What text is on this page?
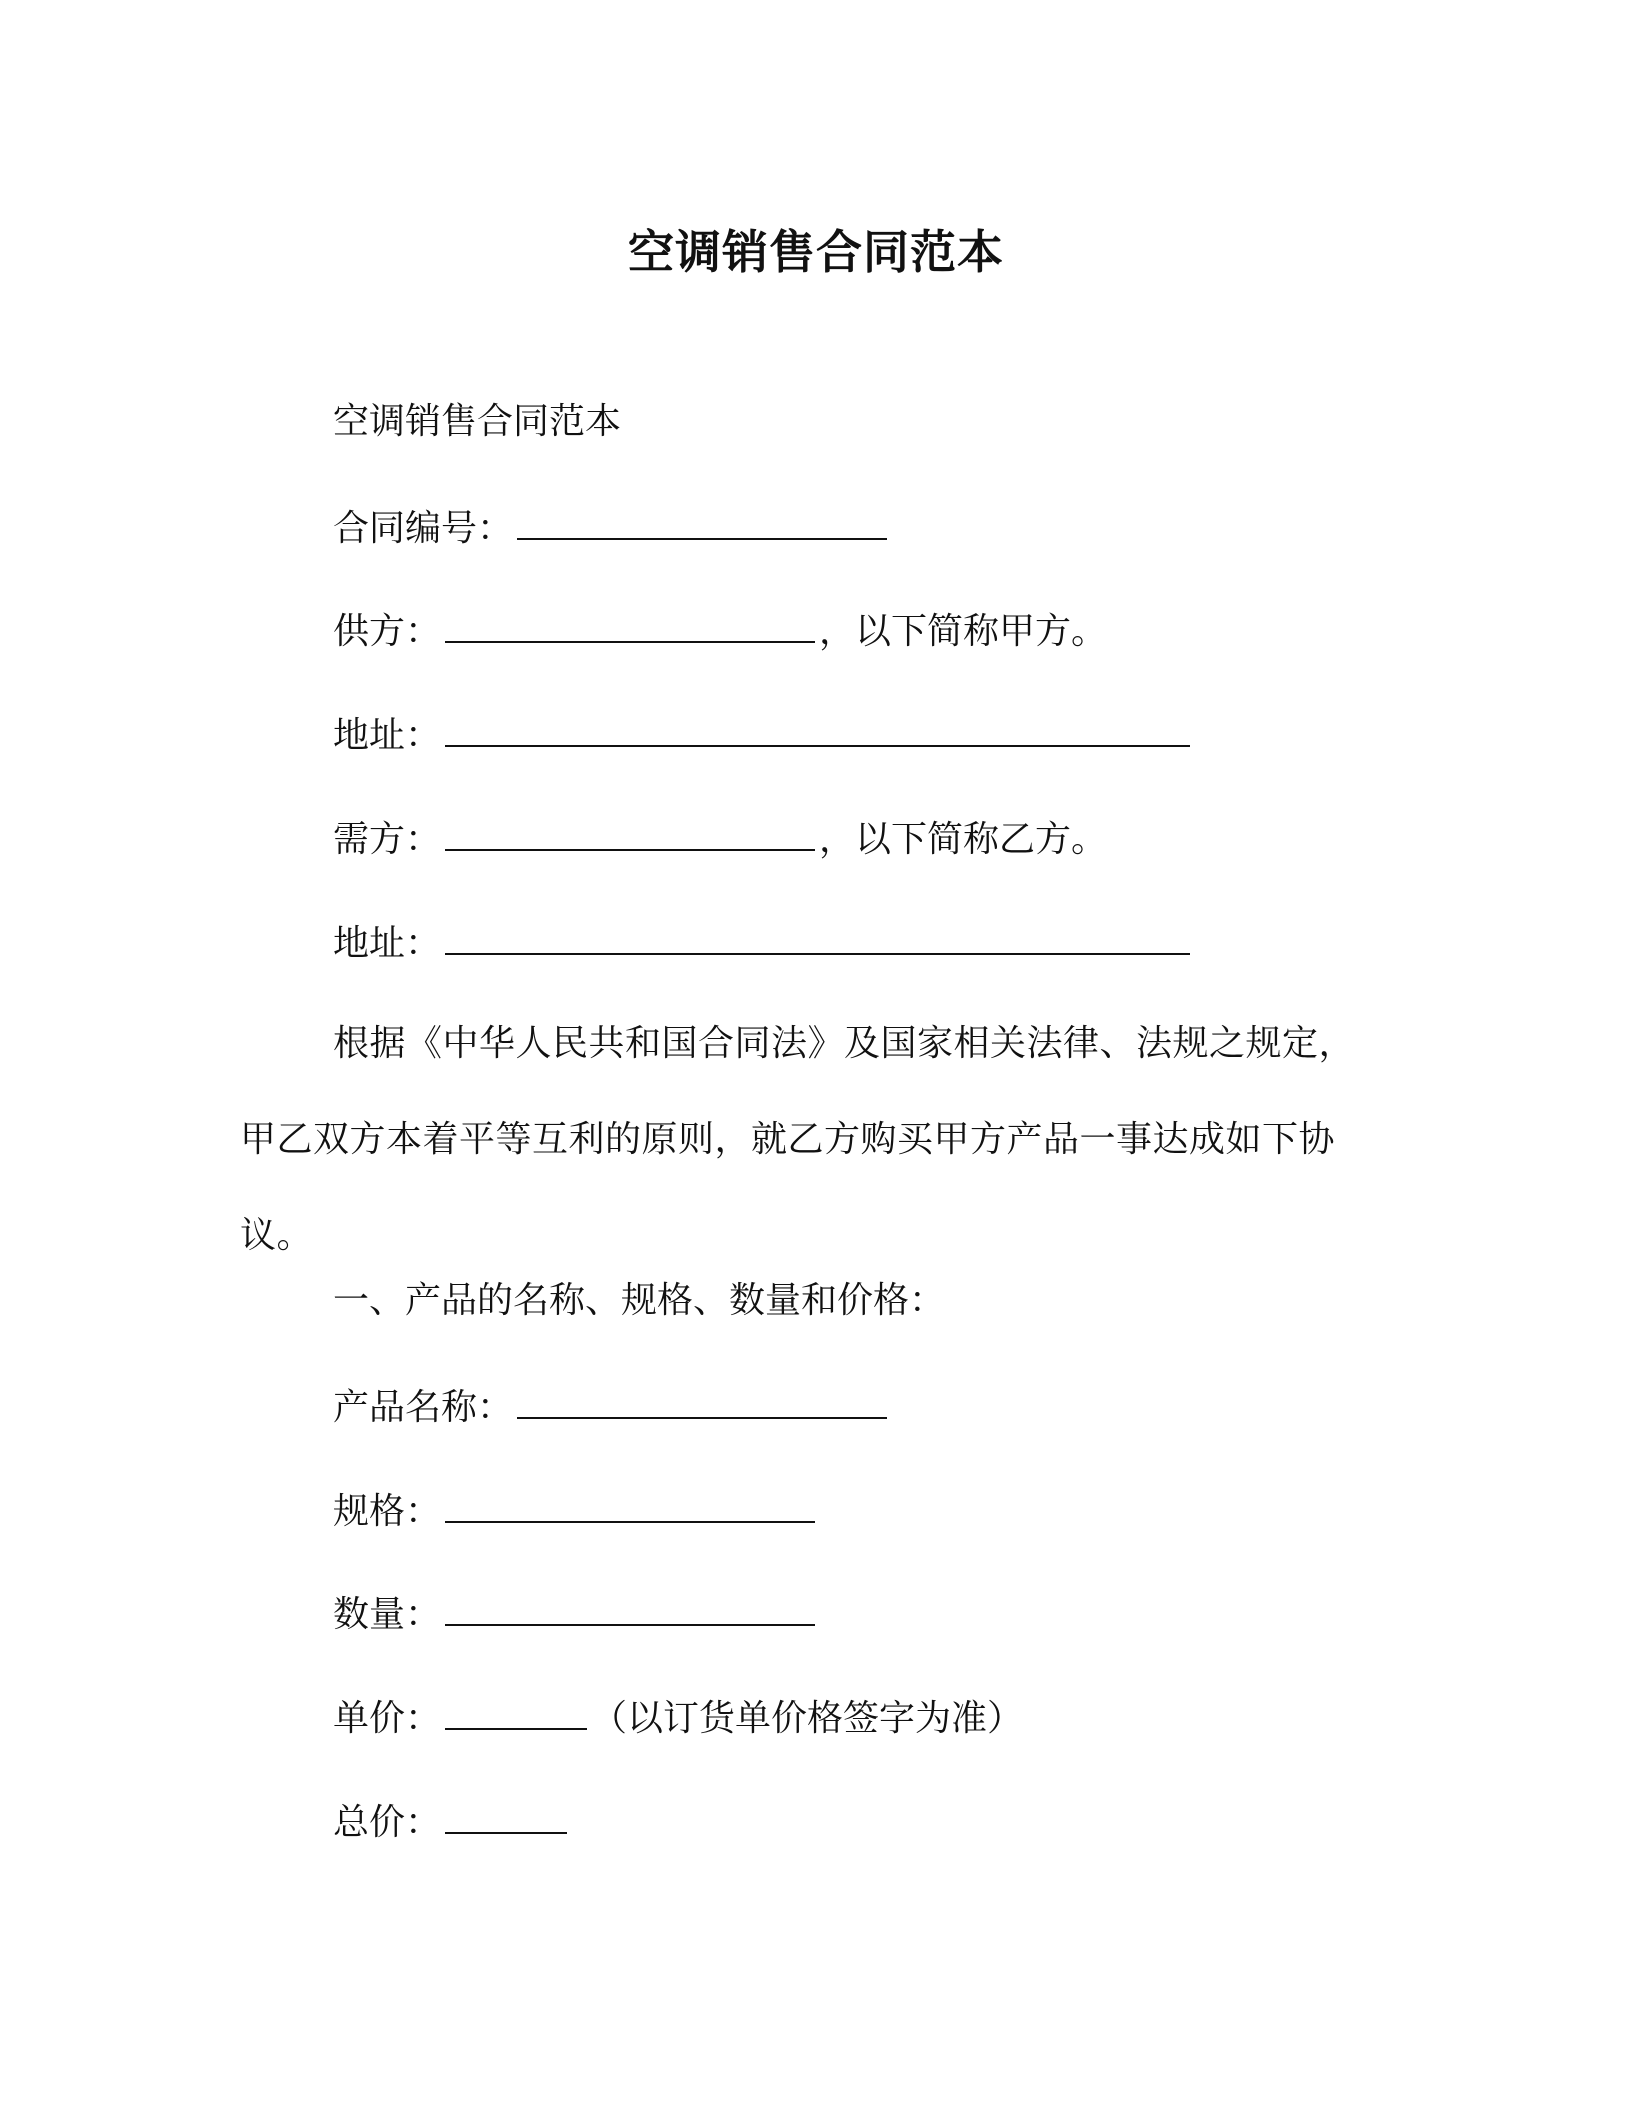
空调销售合同范本
空调销售合同范本
合同编号：
供方：	，以下简称甲方。
地址：
需方：	，以下简称乙方。
地址：
根据《中华人民共和国合同法》及国家相关法律、法规之规定，甲乙双方本着平等互利的原则，就乙方购买甲方产品一事达成如下协议。
一、产品的名称、规格、数量和价格：
产品名称：
规格：
数量：
单价：	（以订货单价格签字为准）
总价：
